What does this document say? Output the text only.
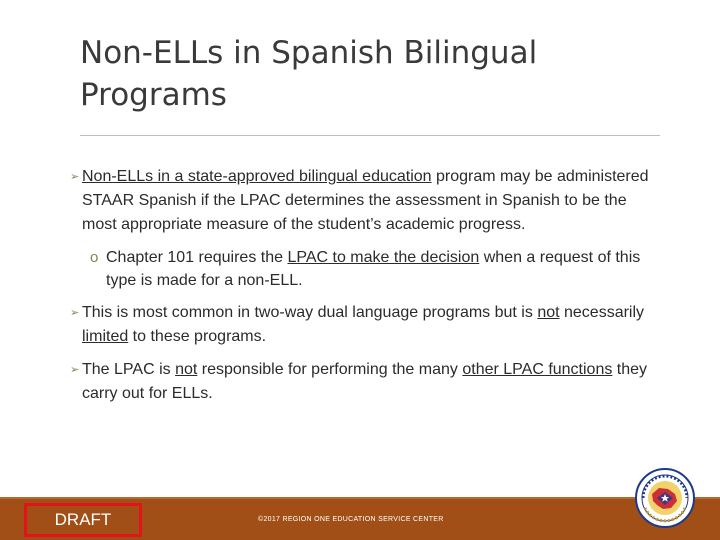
Non-ELLs in Spanish Bilingual Programs
➢ Non-ELLs in a state-approved bilingual education program may be administered STAAR Spanish if the LPAC determines the assessment in Spanish to be the most appropriate measure of the student’s academic progress.
o Chapter 101 requires the LPAC to make the decision when a request of this type is made for a non-ELL.
➢ This is most common in two-way dual language programs but is not necessarily limited to these programs.
➢ The LPAC is not responsible for performing the many other LPAC functions they carry out for ELLs.
DRAFT	©2017 REGION ONE EDUCATION SERVICE CENTER
